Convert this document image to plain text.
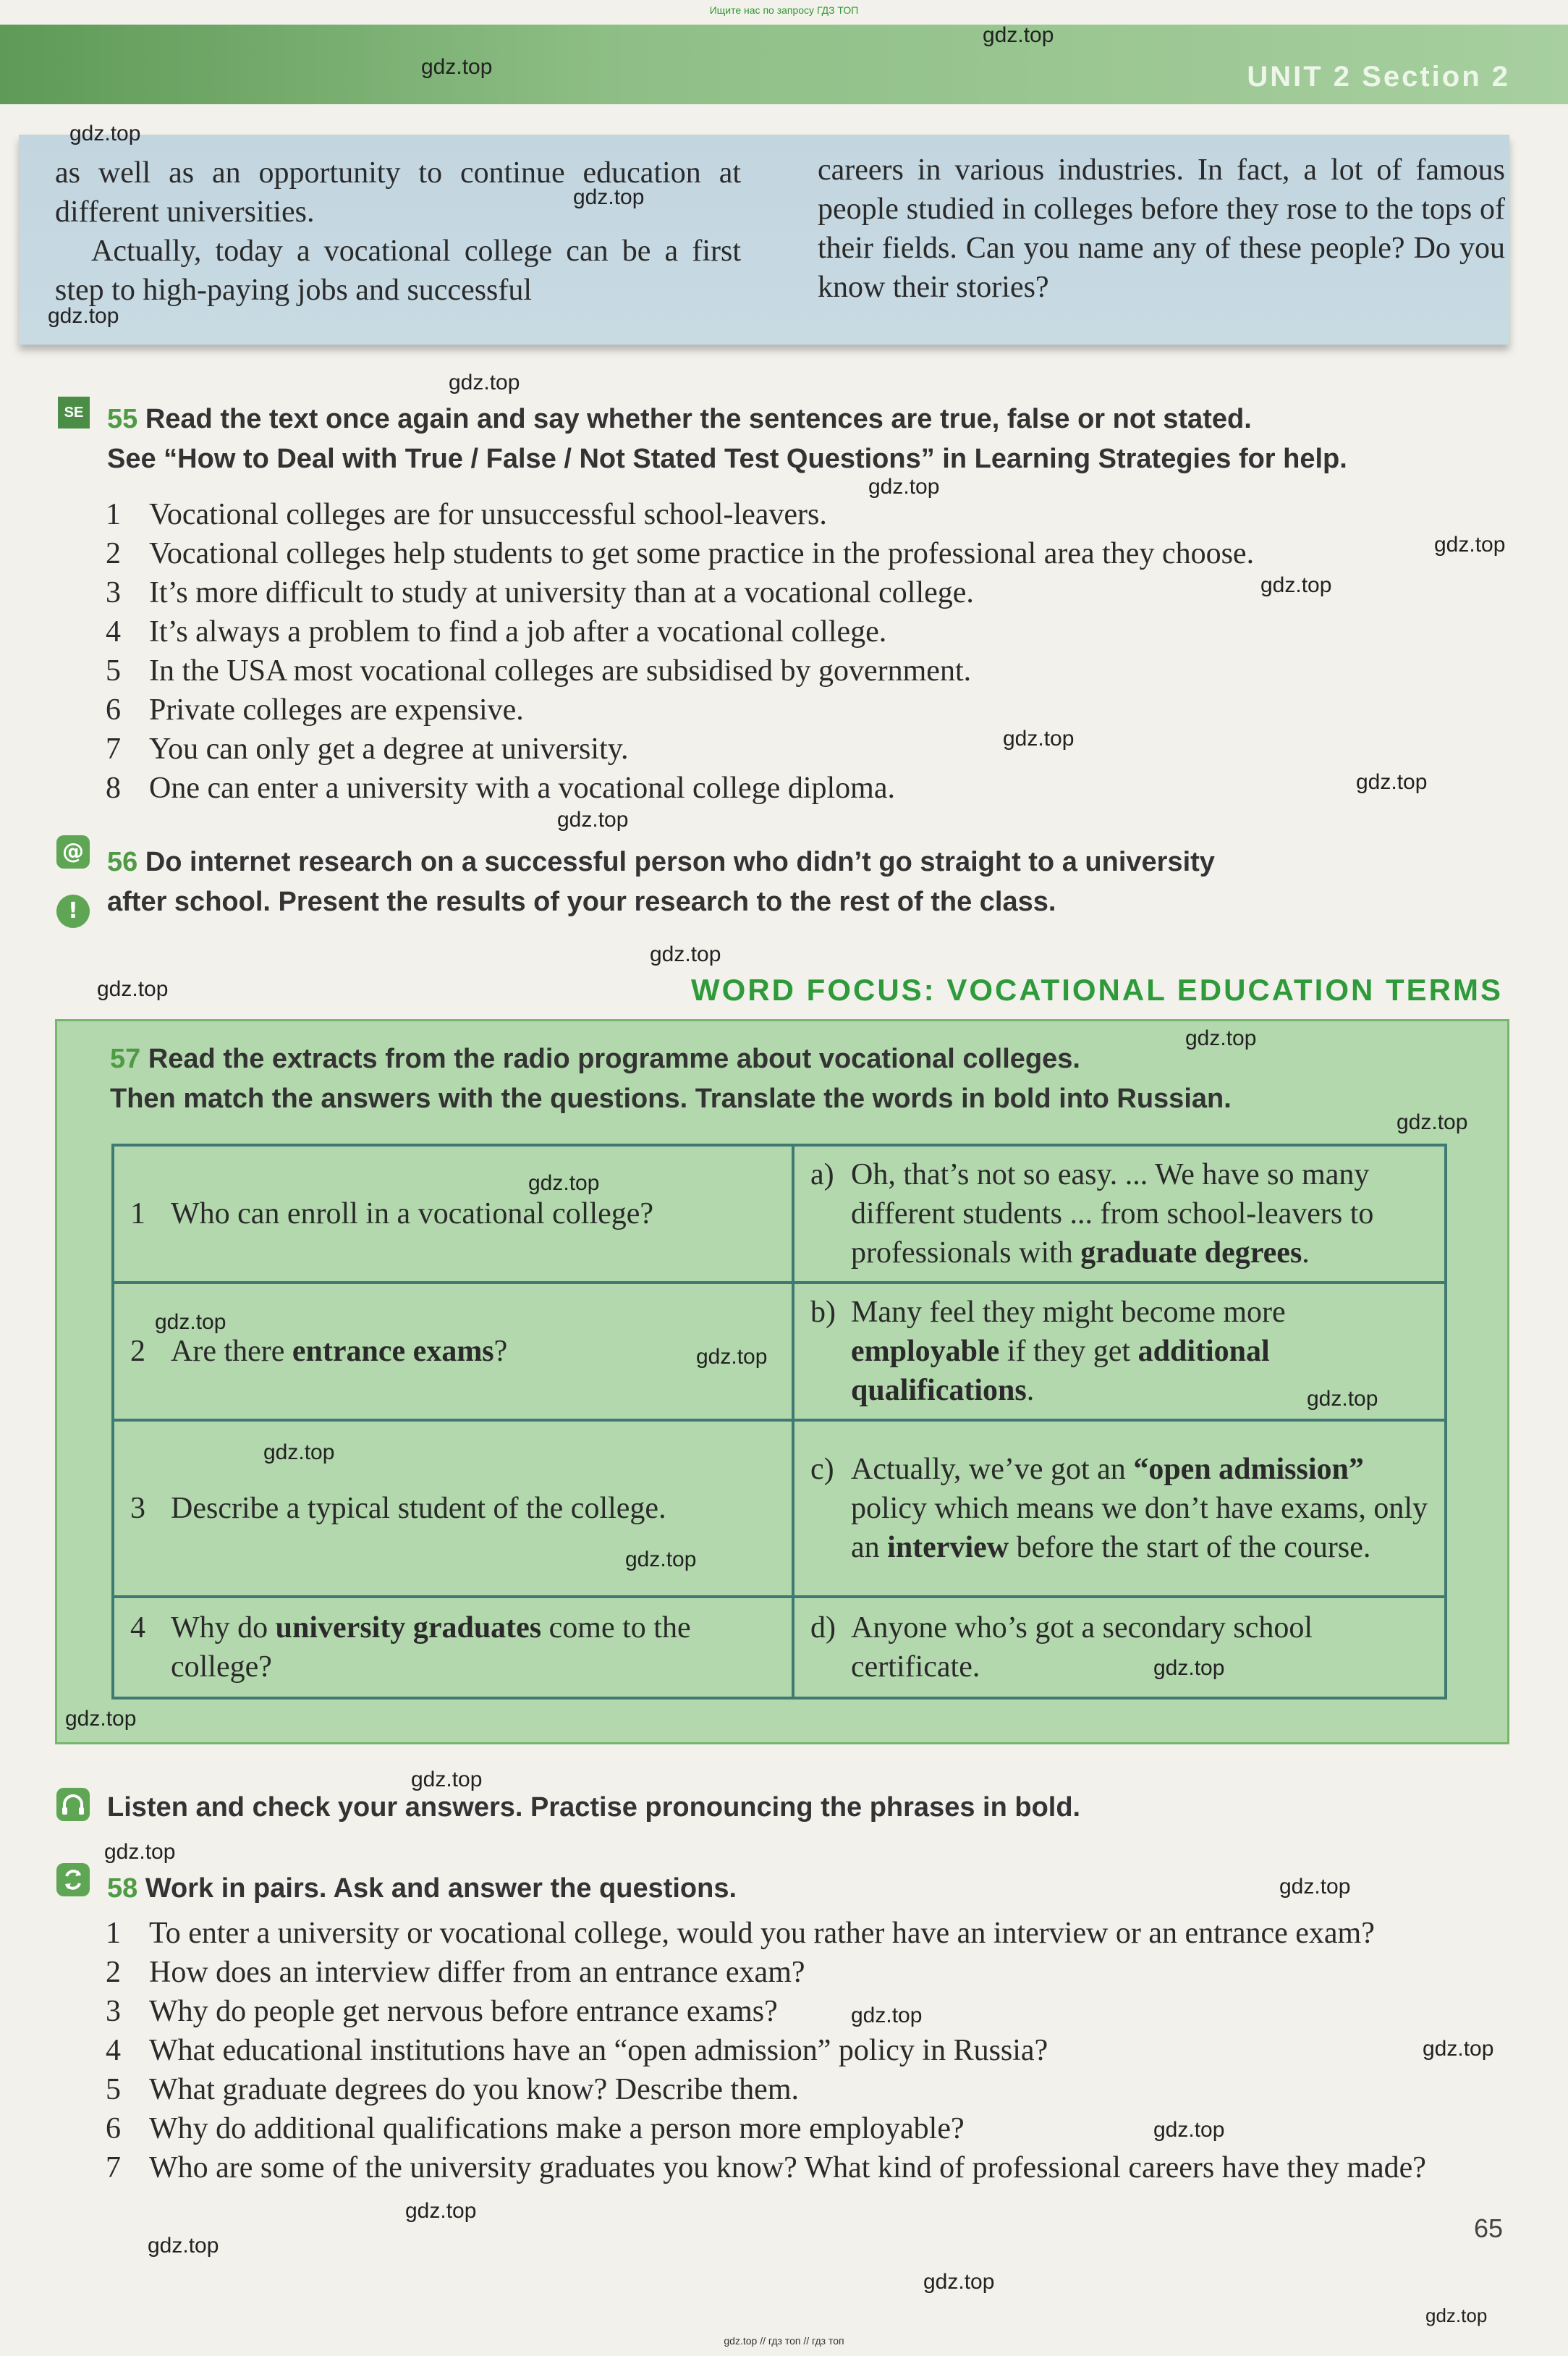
Ищите нас по запросу ГДЗ ТОП
UNIT 2 Section 2

as well as an opportunity to continue education at different universities.

Actually, today a vocational college can be a first step to high-paying jobs and successful

careers in various industries. In fact, a lot of famous people studied in colleges before they rose to the tops of their fields. Can you name any of these people? Do you know their stories?
SE 55 Read the text once again and say whether the sentences are true, false or not stated.
See “How to Deal with True / False / Not Stated Test Questions” in Learning Strategies for help.
1 Vocational colleges are for unsuccessful school-leavers.
2 Vocational colleges help students to get some practice in the professional area they choose.
3 It’s more difficult to study at university than at a vocational college.
4 It’s always a problem to find a job after a vocational college.
5 In the USA most vocational colleges are subsidised by government.
6 Private colleges are expensive.
7 You can only get a degree at university.
8 One can enter a university with a vocational college diploma.
@
!
56 Do internet research on a successful person who didn’t go straight to a university
after school. Present the results of your research to the rest of the class.
WORD FOCUS: VOCATIONAL EDUCATION TERMS
57 Read the extracts from the radio programme about vocational colleges.
Then match the answers with the questions. Translate the words in bold into Russian.
1 Who can enroll in a vocational college?	a) Oh, that’s not so easy. ... We have so many different students ... from school-leavers to professionals with graduate degrees.

2 Are there entrance exams?	b) Many feel they might become more employable if they get additional qualifications.

3 Describe a typical student of the college.	c) Actually, we’ve got an “open admission” policy which means we don’t have exams, only an interview before the start of the course.

4 Why do university graduates come to the college?	d) Anyone who’s got a secondary school certificate.
Listen and check your answers. Practise pronouncing the phrases in bold.
58 Work in pairs. Ask and answer the questions.
1 To enter a university or vocational college, would you rather have an interview or an entrance exam?
2 How does an interview differ from an entrance exam?
3 Why do people get nervous before entrance exams?
4 What educational institutions have an “open admission” policy in Russia?
5 What graduate degrees do you know? Describe them.
6 Why do additional qualifications make a person more employable?
7 Who are some of the university graduates you know? What kind of professional careers have they made?
65
gdz.top // гдз топ // гдз топ
gdz.top
gdz.top
gdz.top
gdz.top
gdz.top
gdz.top
gdz.top
gdz.top
gdz.top
gdz.top
gdz.top
gdz.top
gdz.top
gdz.top
gdz.top
gdz.top
gdz.top
gdz.top
gdz.top
gdz.top
gdz.top
gdz.top
gdz.top
gdz.top
gdz.top
gdz.top
gdz.top
gdz.top
gdz.top
gdz.top
gdz.top
gdz.top
gdz.top
gdz.top
